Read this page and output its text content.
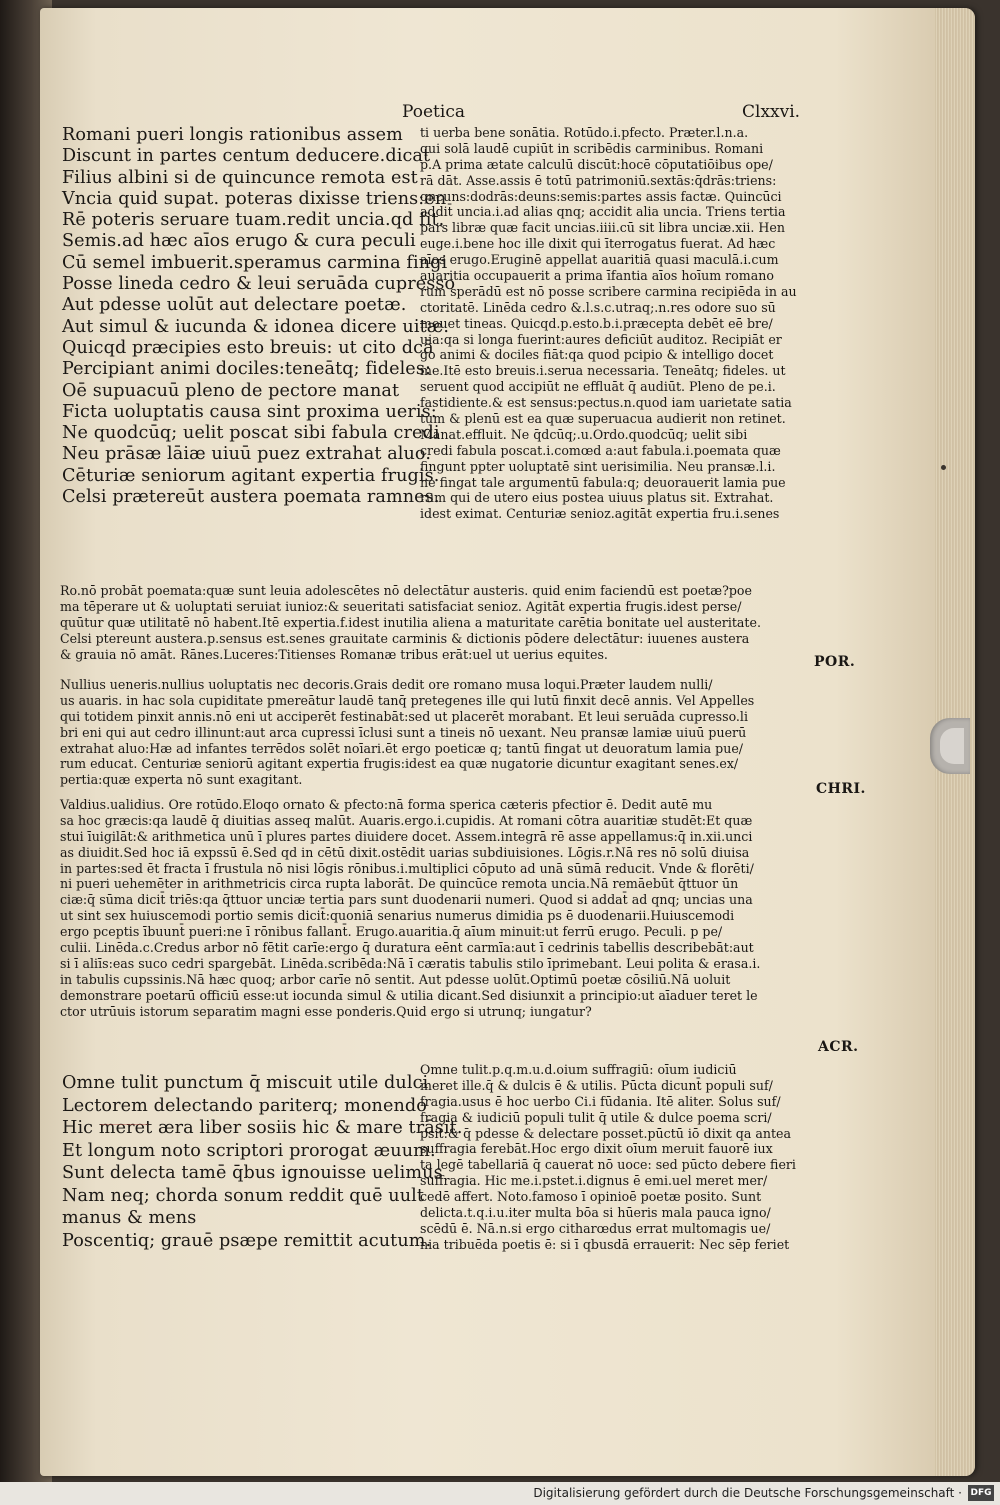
Poetica	Clxxvi.
Romani pueri longis rationibus assem
Discunt in partes centum deducere.dicat
Filius albini si de quincunce remota est
Vncia quid supat. poteras dixisse triens:en
Rē poteris seruare tuam.redit uncia.qd fit.
Semis.ad hæc aīos erugo & cura peculi
Cū semel imbuerit.speramus carmina fingi
Posse lineda cedro & leui seruāda cupresso
Aut pdesse uolūt aut delectare poetæ.
Aut simul & iucunda & idonea dicere uitæ.
Quicqd præcipies esto breuis: ut cito dcā
Percipiant animi dociles:teneātq; fideles:
Oē supuacuū pleno de pectore manat
Ficta uoluptatis causa sint proxima ueris:
Ne quodcūq; uelit poscat sibi fabula credi
Neu prāsæ lāiæ uiuū puez extrahat aluo.
Cēturiæ seniorum agitant expertia frugis.
Celsi prætereūt austera poemata ramnes.
ti uerba bene sonātia. Rotūdo.i.pfecto. Præter.l.n.a.
qui solā laudē cupiūt in scribēdis carminibus. Romani
p.A prima ætate calculū discūt:hocē cōputatiōibus ope/
rā dāt. Asse.assis ē totū patrimoniū.sextās:q̄drās:triens:
qncuns:dodrās:deuns:semis:partes assis factæ. Quincūci
addit̄ uncia.i.ad alias qnq; accidit alia uncia. Triens tertia
pars libræ quæ facit uncias.iiii.cū sit libra unciæ.xii. Hen
euge.i.bene hoc ille dixit qui īterrogatus fuerat. Ad hæc
aīos erugo.Eruginē appellat auaritiā quasi maculā.i.cum
auaritia occupauerit a prima īfantia aīos hoīum romano
rum sperādū est nō posse scribere carmina recipiēda in au
ctoritatē. Linēda cedro &.l.s.c.utraq;.n.res odore suo sū
mouet tineas. Quicqd.p.esto.b.i.præcepta debēt eē bre/
uia:qa si longa fuerint:aures deficiūt auditoz. Recipiāt er
go animi & dociles fiāt:qa quod pcipio & intelligo docet
me.Itē esto breuis.i.serua necessaria. Teneātq; fideles. ut
seruent quod accipiūt ne effluāt q̄ audiūt. Pleno de pe.i.
fastidiente.& est sensus:pectus.n.quod iam uarietate satia
tum & plenū est ea quæ superuacua audierit non retinet.
Manat.effluit. Ne q̄dcūq;.u.Ordo.quodcūq; uelit sibi
credi fabula poscat.i.comœd a:aut fabula.i.poemata quæ
fingunt ppter uoluptatē sint uerisimilia. Neu pransæ.l.i.
ne fingat tale argumentū fabula:q; deuorauerit lamia pue
rum qui de utero eius postea uiuus platus sit. Extrahat.
idest eximat. Centuriæ senioz.agitāt expertia fru.i.senes
Ro.nō probāt poemata:quæ sunt leuia adolescētes nō delectātur austeris. quid enim faciendū est poetæ?poe
ma tēperare ut & uoluptati seruiat iunioz:& seueritati satisfaciat senioz. Agitāt expertia frugis.idest perse/
quūtur quæ utilitatē nō habent.Itē expertia.f.idest inutilia aliena a maturitate carētia bonitate uel austeritate.
Celsi ptereunt austera.p.sensus est.senes grauitate carminis & dictionis pōdere delectātur: iuuenes austera
& grauia nō amāt. Rānes.Luceres:Titienses Romanæ tribus erāt:uel ut uerius equites.
Nullius ueneris.nullius uoluptatis nec decoris.Grais dedit ore romano musa loqui.Præter laudem nulli/
us auaris. in hac sola cupiditate pmereātur laudē tanq̄ pretegenes ille qui lutū finxit decē annis. Vel Appelles
qui totidem pinxit annis.nō eni ut acciperēt festinabāt:sed ut placerēt morabant. Et leui seruāda cupresso.li
bri eni qui aut cedro illinunt:aut arca cupressi īclusi sunt a tineis nō uexant. Neu pransæ lamiæ uiuū puerū
extrahat aluo:Hæ ad infantes terrēdos solēt noīari.ēt ergo poeticæ q; tantū fingat ut deuoratum lamia pue/
rum educat. Centuriæ seniorū agitant expertia frugis:idest ea quæ nugatorie dicuntur exagitant senes.ex/
pertia:quæ experta nō sunt exagitant.
Valdius.ualidius. Ore rotūdo.Eloqo ornato & pfecto:nā forma sperica cæteris pfectior ē. Dedit autē mu
sa hoc græcis:qa laudē q̄ diuitias asseq malūt. Auaris.ergo.i.cupidis. At romani cōtra auaritiæ studēt:Et quæ
stui īuigilāt:& arithmetica unū ī plures partes diuidere docet. Assem.integrā rē asse appellamus:q̄ in.xii.unci
as diuidit.Sed hoc iā expssū ē.Sed qd in cētū dixit.ostēdit uarias subdiuisiones. Lōgis.r.Nā res nō solū diuisa
in partes:sed ēt fracta ī frustula nō nisi lōgis rōnibus.i.multiplici cōputo ad unā sūmā reducit. Vnde & florēti/
ni pueri uehemēter in arithmetricis circa rupta laborāt. De quincūce remota uncia.Nā remāebūt q̄ttuor ūn
ciæ:q̄ sūma dicit̄ triēs:qa q̄ttuor unciæ tertia pars sunt duodenarii numeri. Quod si addat̄ ad qnq; uncias una
ut sint sex huiuscemodi portio semis dicit̄:quoniā senarius numerus dimidia ps ē duodenarii.Huiuscemodi
ergo pceptis ībuunt̄ pueri:ne ī rōnibus fallant̄. Erugo.auaritia.q̄ aīum minuit:ut ferrū erugo. Peculi. p pe/
culii. Linēda.c.Credus arbor nō fētit carīe:ergo q̄ duratura eēnt carmīa:aut ī cedrinis tabellis describebāt:aut
si ī aliīs:eas suco cedri spargebāt. Linēda.scribēda:Nā ī cæratis tabulis stilo īprimebant. Leui polita & erasa.i.
in tabulis cupssinis.Nā hæc quoq; arbor carīe nō sentit. Aut pdesse uolūt.Optimū poetæ cōsiliū.Nā uoluit
demonstrare poetarū officiū esse:ut iocunda simul & utilia dicant.Sed disiunxit a principio:ut aīaduer teret le
ctor utrūuis istorum separatim magni esse ponderis.Quid ergo si utrunq; iungatur?
Omne tulit punctum q̄ miscuit utile dulci
Lectorem delectando pariterq; monendo
Hic meret æra liber sosiis hic & mare trāsit.
Et longum noto scriptori prorogat æuum.
Sunt delecta tamē q̄bus ignouisse uelimus
Nam neq; chorda sonum reddit quē uult
manus & mens
Poscentiq; grauē psæpe remittit acutum.
Omne tulit.p.q.m.u.d.oium suffragiū: oīum iudiciū
meret ille.q̄ & dulcis ē & utilis. Pūcta dicunt̄ populi suf/
fragia.usus ē hoc uerbo Ci.i fūdania. Itē aliter. Solus suf/
fragia & iudiciū populi tulit q̄ utile & dulce poema scri/
psit:& q̄ pdesse & delectare posset.pūctū iō dixit qa antea
suffragia ferebāt.Hoc ergo dixit oīum meruit fauorē iux
ta legē tabellariā q̄ cauerat nō uoce: sed pūcto debere fieri
suffragia. Hic me.i.pstet.i.dignus ē emi.uel meret mer/
cedē affert. Noto.famoso ī opinioē poetæ posito. Sunt
delicta.t.q.i.u.iter multa bōa si hūeris mala pauca igno/
scēdū ē. Nā.n.si ergo citharœdus errat multomagis ue/
nia tribuēda poetis ē: si ī qbusdā errauerit: Nec sēp feriet
POR.
CHRI.
ACR.
Digitalisierung gefördert durch die Deutsche Forschungsgemeinschaft · DFG
